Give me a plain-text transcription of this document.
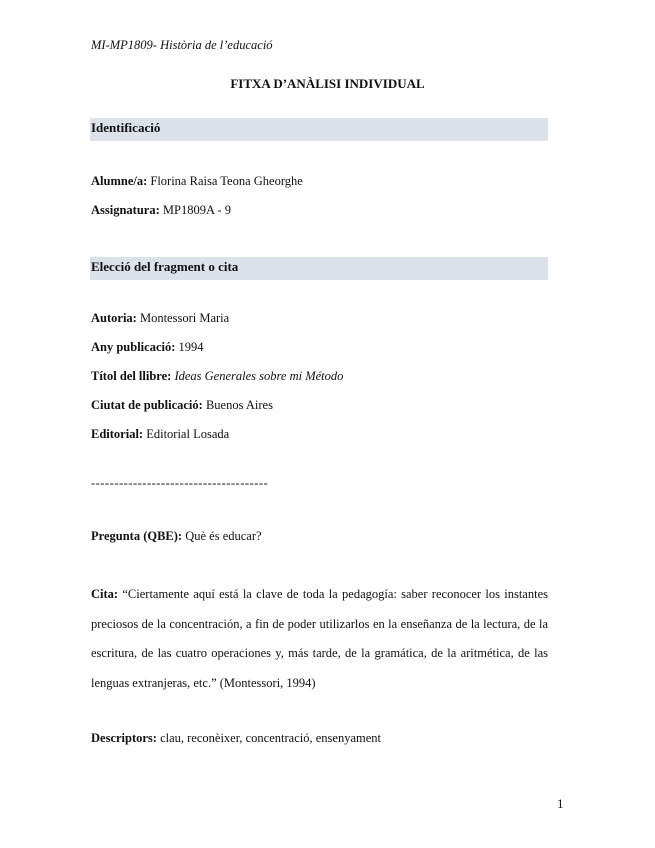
MI-MP1809- Història de l’educació
FITXA D’ANÀLISI INDIVIDUAL
Identificació
Alumne/a: Florina Raisa Teona Gheorghe
Assignatura: MP1809A - 9
Elecció del fragment o cita
Autoria: Montessori Maria
Any publicació: 1994
Títol del llibre: Ideas Generales sobre mi Método
Ciutat de publicació: Buenos Aires
Editorial: Editorial Losada
--------------------------------------
Pregunta (QBE): Què és educar?
Cita: “Ciertamente aquí está la clave de toda la pedagogía: saber reconocer los instantes preciosos de la concentración, a fin de poder utilizarlos en la enseñanza de la lectura, de la escritura, de las cuatro operaciones y, más tarde, de la gramática, de la aritmética, de las lenguas extranjeras, etc.” (Montessori, 1994)
Descriptors: clau, reconèixer, concentració, ensenyament
1
